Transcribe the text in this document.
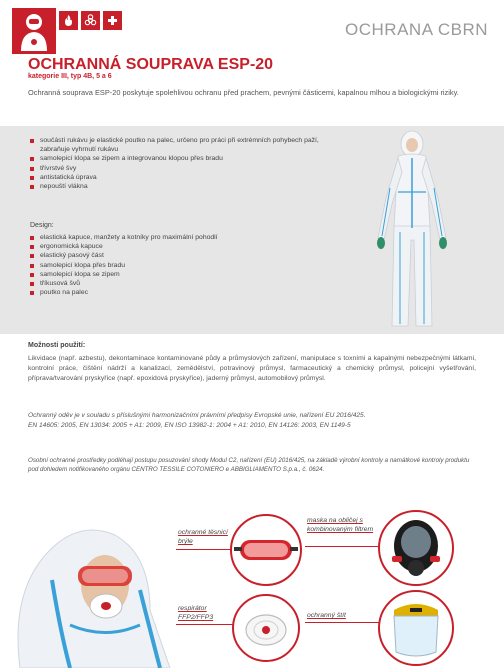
OCHRANA CBRN
OCHRANNÁ SOUPRAVA ESP-20
kategorie III, typ 4B, 5 a 6
Ochranná souprava ESP-20 poskytuje spolehlivou ochranu před prachem, pevnými částicemi, kapalnou mlhou a biologickými riziky.
součástí rukávu je elastické poutko na palec, určeno pro práci při extrémních pohybech paží, zabraňuje vyhrnutí rukávu
samolepicí klopa se zipem a integrovanou klopou přes bradu
třívrstvé švy
antistatická úprava
nepouští vlákna
Design:
elastická kapuce, manžety a kotníky pro maximální pohodlí
ergonomická kapuce
elastický pasový část
samolepicí klopa přes bradu
samolepicí klopa se zipem
tříkusová švů
poutko na palec
Možnosti použití:
Likvidace (např. azbestu), dekontaminace kontaminované půdy a průmyslových zařízení, manipulace s toxními a kapalnými nebezpečnými látkami, kontrolní práce, čištění nádrží a kanalizací, zemědělství, potravinový průmysl, farmaceutický a chemický průmysl, policejní vyšetřování, příprava/tvarování pryskyřice (např. epoxidová pryskyřice), jaderný průmysl, automobilový průmysl.
Ochranný oděv je v souladu s příslušnými harmonizačními právními předpisy Evropské unie, nařízení EU 2016/425.
EN 14605: 2005, EN 13034: 2005 + A1: 2009, EN ISO 13982-1: 2004 + A1: 2010, EN 14126: 2003, EN 1149-5
Osobní ochranné prostředky podléhají postupu posuzování shody Modul C2, nařízení (EU) 2016/425, na základě výrobní kontroly a namátkové kontroly produktu pod dohledem notifikovaného orgánu CENTRO TESSILE COTONIERO e ABBIGLIAMENTO S.p.a., č. 0624.
ochranné těsnicí brýle
maska na obličej s kombinovaným filtrem
respirátor FFP2/FFP3	ochranný štít
